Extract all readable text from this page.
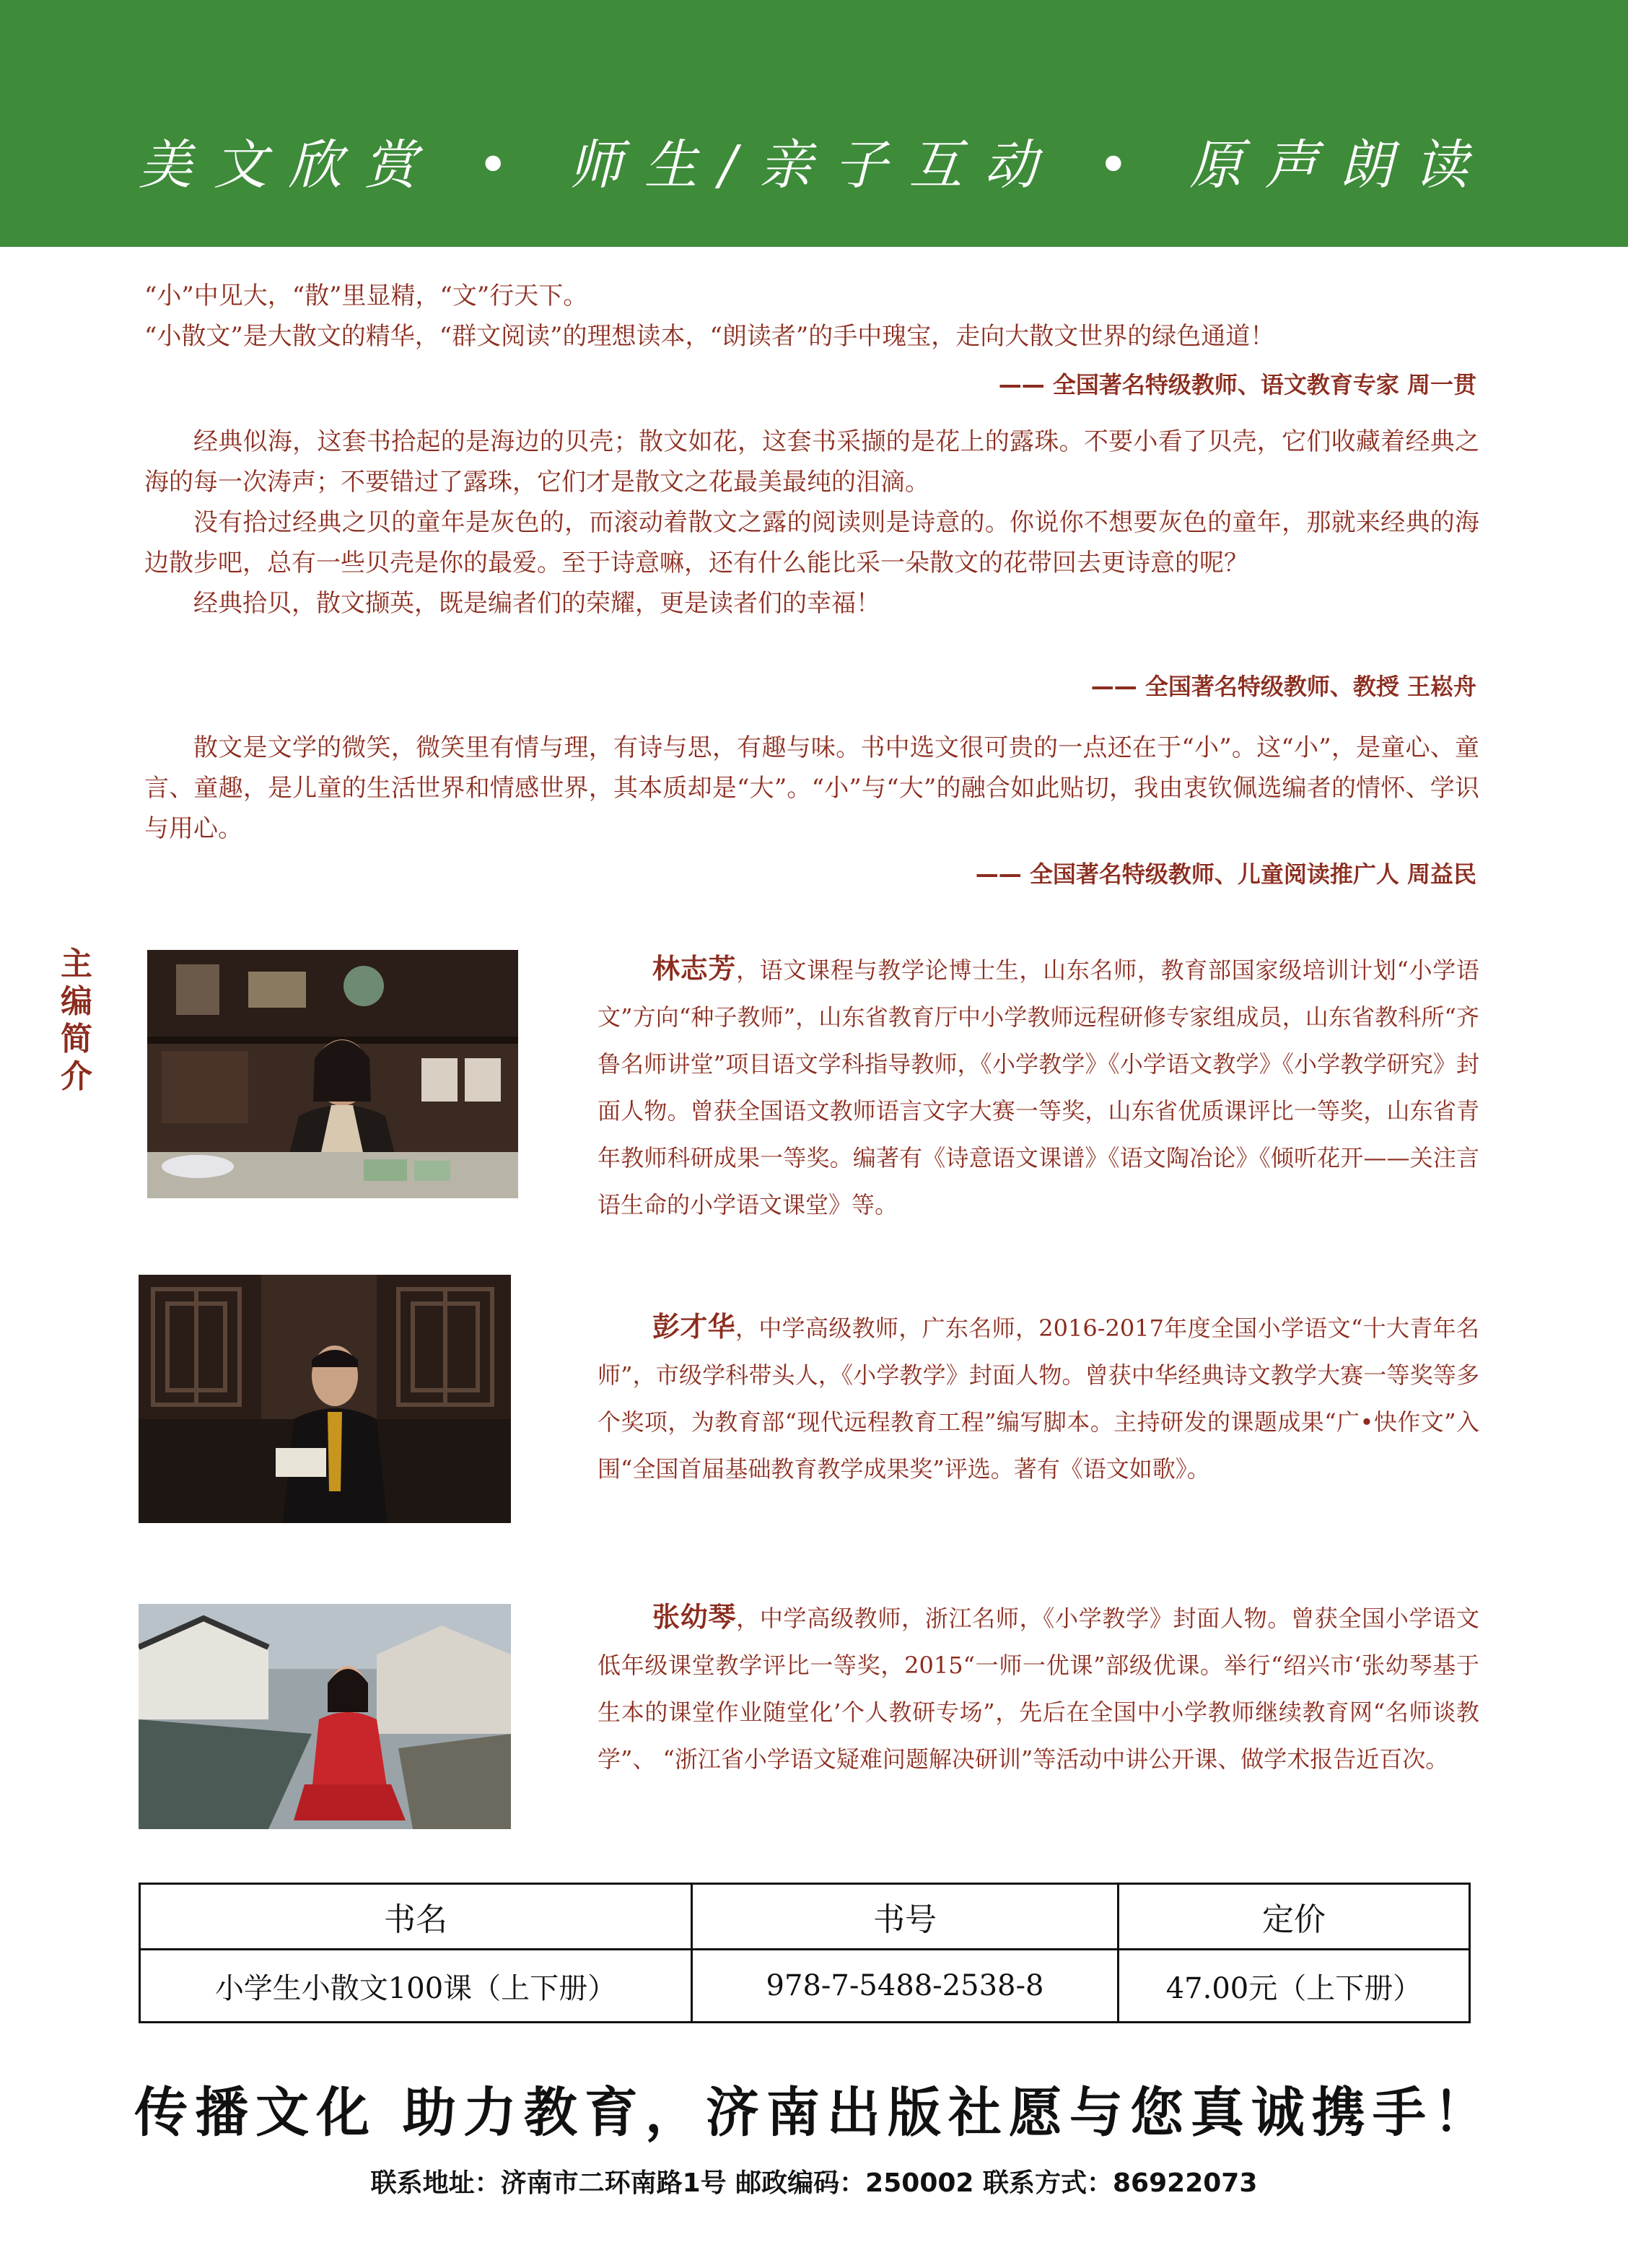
美文欣赏 • 师生/亲子互动 • 原声朗读
“小”中见大，“散”里显精，“文”行天下。
“小散文”是大散文的精华，“群文阅读”的理想读本，“朗读者”的手中瑰宝，走向大散文世界的绿色通道！
—— 全国著名特级教师、语文教育专家 周一贯
经典似海，这套书拾起的是海边的贝壳；散文如花，这套书采撷的是花上的露珠。不要小看了贝壳，它们收藏着经典之海的每一次涛声；不要错过了露珠，它们才是散文之花最美最纯的泪滴。
没有拾过经典之贝的童年是灰色的，而滚动着散文之露的阅读则是诗意的。你说你不想要灰色的童年，那就来经典的海边散步吧，总有一些贝壳是你的最爱。至于诗意嘛，还有什么能比采一朵散文的花带回去更诗意的呢？
经典拾贝，散文撷英，既是编者们的荣耀，更是读者们的幸福！
—— 全国著名特级教师、教授 王崧舟
散文是文学的微笑，微笑里有情与理，有诗与思，有趣与味。书中选文很可贵的一点还在于“小”。这“小”，是童心、童言、童趣，是儿童的生活世界和情感世界，其本质却是“大”。“小”与“大”的融合如此贴切，我由衷钦佩选编者的情怀、学识与用心。
—— 全国著名特级教师、儿童阅读推广人 周益民
主
编
简
介
林志芳，语文课程与教学论博士生，山东名师，教育部国家级培训计划“小学语文”方向“种子教师”，山东省教育厅中小学教师远程研修专家组成员，山东省教科所“齐鲁名师讲堂”项目语文学科指导教师，《小学教学》《小学语文教学》《小学教学研究》封面人物。曾获全国语文教师语言文字大赛一等奖，山东省优质课评比一等奖，山东省青年教师科研成果一等奖。编著有《诗意语文课谱》《语文陶冶论》《倾听花开——关注言语生命的小学语文课堂》等。
彭才华，中学高级教师，广东名师，2016-2017年度全国小学语文“十大青年名师”，市级学科带头人，《小学教学》封面人物。曾获中华经典诗文教学大赛一等奖等多个奖项，为教育部“现代远程教育工程”编写脚本。主持研发的课题成果“广•快作文”入围“全国首届基础教育教学成果奖”评选。著有《语文如歌》。
张幼琴，中学高级教师，浙江名师，《小学教学》封面人物。曾获全国小学语文低年级课堂教学评比一等奖，2015“一师一优课”部级优课。举行“绍兴市‘张幼琴基于生本的课堂作业随堂化’个人教研专场”，先后在全国中小学教师继续教育网“名师谈教学”、 “浙江省小学语文疑难问题解决研训”等活动中讲公开课、做学术报告近百次。
书名	书号	定价
小学生小散文100课（上下册）	978-7-5488-2538-8	47.00元（上下册）
传播文化 助力教育，济南出版社愿与您真诚携手！
联系地址：济南市二环南路1号 邮政编码：250002 联系方式：86922073
